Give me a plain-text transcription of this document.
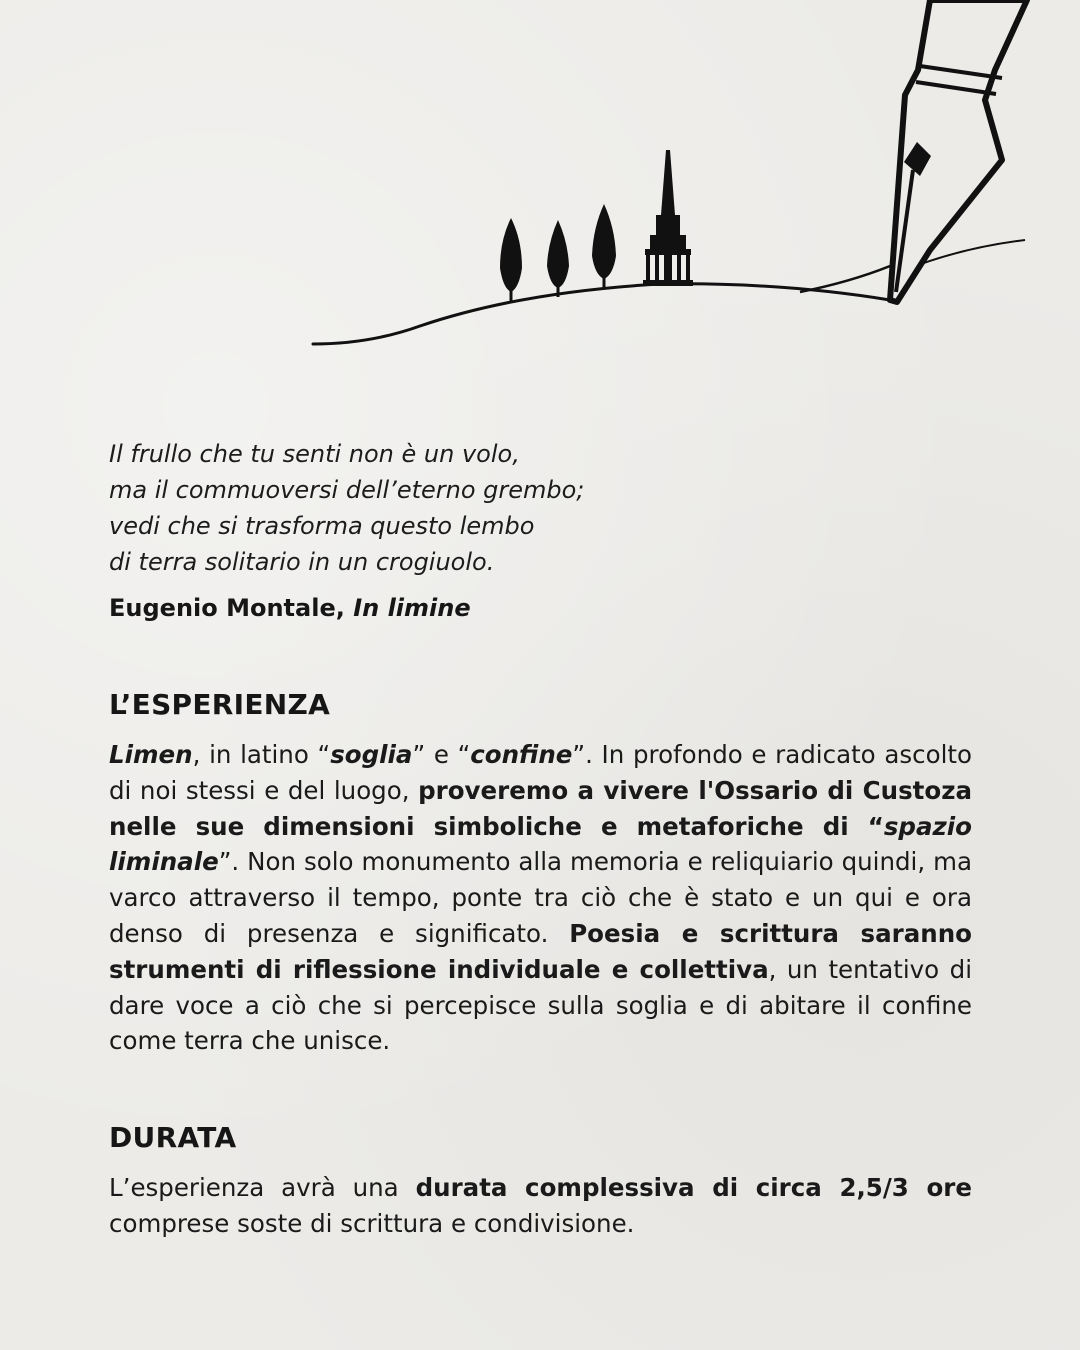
Il frullo che tu senti non è un volo,
ma il commuoversi dell’eterno grembo;
vedi che si trasforma questo lembo
di terra solitario in un crogiuolo.
Eugenio Montale, In limine
L’ESPERIENZA
Limen, in latino “soglia” e “confine”. In profondo e radicato ascolto di noi stessi e del luogo, proveremo a vivere l'Ossario di Custoza nelle sue dimensioni simboliche e metaforiche di “spazio liminale”. Non solo monumento alla memoria e reliquiario quindi, ma varco attraverso il tempo, ponte tra ciò che è stato e un qui e ora denso di presenza e significato. Poesia e scrittura saranno strumenti di riflessione individuale e collettiva, un tentativo di dare voce a ciò che si percepisce sulla soglia e di abitare il confine come terra che unisce.
DURATA
L’esperienza avrà una durata complessiva di circa 2,5/3 ore comprese soste di scrittura e condivisione.
